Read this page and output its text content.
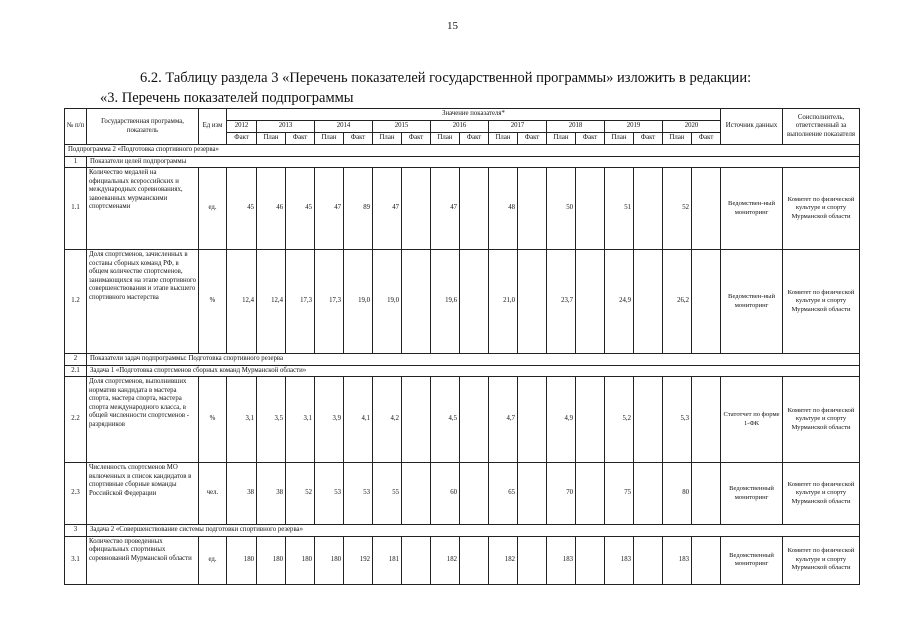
15
6.2. Таблицу раздела 3 «Перечень показателей государственной программы» изложить в редакции:
«3. Перечень показателей подпрограммы
№ п/п	Государственная программа, показатель	Ед изм	Значение показателя*																	Источник данных	Соисполнитель, ответственный за выполнение показателя
			2012	2013		2014		2015		2016		2017		2018		2019		2020			
			Факт	План	Факт	План	Факт	План	Факт	План	Факт	План	Факт	План	Факт	План	Факт	План	Факт		
Подпрограмма 2 «Подготовка спортивного резерва»																					
1	Показатели целей подпрограммы																				
1.1	Количество медалей на официальных всероссийских и международных соревнованиях, завоеванных мурманскими спортсменами	ед.	45	46	45	47	89	47		47		48		50		51		52		Ведомствен-ный мониторинг	Комитет по физической культуре и спорту Мурманской области
1.2	Доля спортсменов, зачисленных в составы сборных команд РФ, в общем количестве спортсменов, занимающихся на этапе спортивного совершенствования и этапе высшего спортивного мастерства	%	12,4	12,4	17,3	17,3	19,0	19,0		19,6		21,0		23,7		24,9		26,2		Ведомствен-ный мониторинг	Комитет по физической культуре и спорту Мурманской области
2	Показатели задач подпрограммы: Подготовка спортивного резерва																				
2.1	Задача 1 «Подготовка спортсменов сборных команд Мурманской области»																				
2.2	Доля спортсменов, выполнивших норматив кандидата в мастера спорта, мастера спорта, мастера спорта международного класса, в общей численности спортсменов - разрядников	%	3,1	3,5	3,1	3,9	4,1	4,2		4,5		4,7		4,9		5,2		5,3		Статотчет по форме 1-ФК	Комитет по физической культуре и спорту Мурманской области
2.3	Численность спортсменов МО включенных в список кандидатов в спортивные сборные команды Российской Федерации	чел.	38	38	52	53	53	55		60		65		70		75		80		Ведомственный мониторинг	Комитет по физической культуре и спорту Мурманской области
3	Задача 2 «Совершенствование системы подготовки спортивного резерва»																				
3.1	Количество проведенных официальных спортивных соревнований Мурманской области	ед.	180	180	180	180	192	181		182		182		183		183		183		Ведомственный мониторинг	Комитет по физической культуре и спорту Мурманской области
